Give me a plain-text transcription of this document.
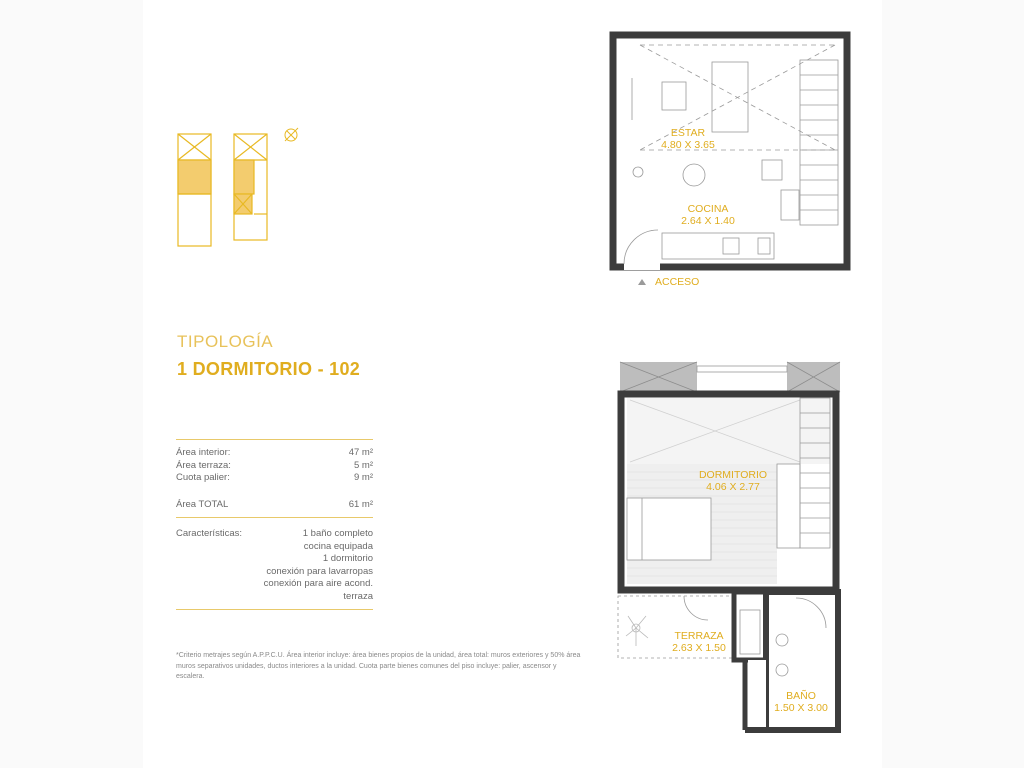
TIPOLOGÍA
1 DORMITORIO - 102
Área interior:	47 m²
Área terraza:	5 m²
Cuota palier:	9 m²
Área TOTAL	61 m²
Características:	1 baño completo
cocina equipada
1 dormitorio
conexión para lavarropas
conexión para aire acond.
terraza
*Criterio metrajes según A.P.P.C.U. Área interior incluye: área bienes propios de la unidad, área total: muros exteriores y 50% área muros separativos unidades, ductos interiores a la unidad. Cuota parte bienes comunes del piso incluye: palier, ascensor y escalera.
ESTAR
4.80 X 3.65
COCINA
2.64 X 1.40
ACCESO
DORMITORIO
4.06 X 2.77
TERRAZA
2.63 X 1.50
BAÑO
1.50 X 3.00
